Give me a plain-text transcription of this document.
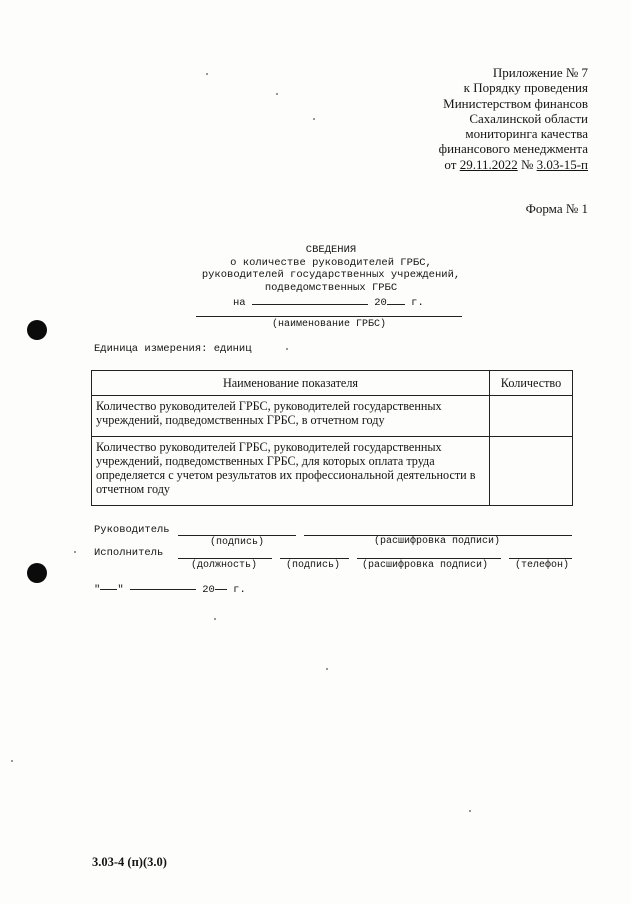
Приложение № 7
к Порядку проведения
Министерством финансов
Сахалинской области
мониторинга качества
финансового менеджмента
от 29.11.2022 № 3.03-15-п
Форма № 1
СВЕДЕНИЯ
о количестве руководителей ГРБС,
руководителей государственных учреждений,
подведомственных ГРБС
на	20 г.
(наименование ГРБС)
Единица измерения: единиц
Наименование показателя	Количество
Количество руководителей ГРБС, руководителей государственных учреждений, подведомственных ГРБС, в отчетном году	
Количество руководителей ГРБС, руководителей государственных учреждений, подведомственных ГРБС, для которых оплата труда определяется с учетом результатов их профессиональной деятельности в отчетном году	
Руководитель
(подпись)	(расшифровка подписи)
Исполнитель
(должность)	(подпись) (расшифровка подписи)	(телефон)
" "	20 г.
3.03-4 (п)(3.0)
